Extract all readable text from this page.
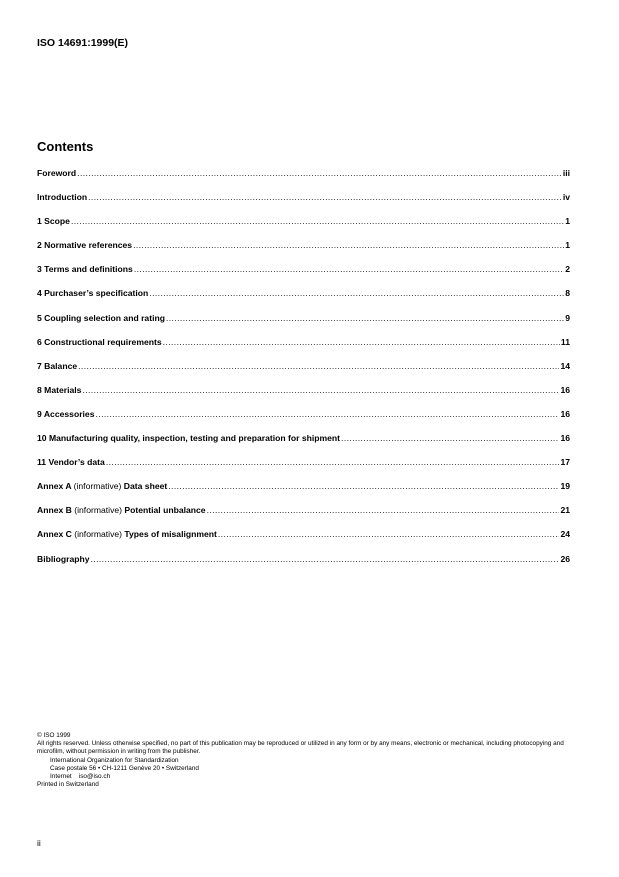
ISO 14691:1999(E)
Contents
Foreword .....	iii
Introduction .....	iv
1 Scope .....	1
2 Normative references .....	1
3 Terms and definitions .....	2
4 Purchaser’s specification .....	8
5 Coupling selection and rating .....	9
6 Constructional requirements .....	11
7 Balance .....	14
8 Materials .....	16
9 Accessories .....	16
10 Manufacturing quality, inspection, testing and preparation for shipment .....	16
11 Vendor’s data .....	17
Annex A (informative) Data sheet .....	19
Annex B (informative) Potential unbalance .....	21
Annex C (informative) Types of misalignment .....	24
Bibliography .....	26

© ISO 1999

All rights reserved. Unless otherwise specified, no part of this publication may be reproduced or utilized in any form or by any means, electronic or mechanical, including photocopying and microfilm, without permission in writing from the publisher.

International Organization for Standardization

Case postale 56 • CH-1211 Genève 20 • Switzerland

Internet iso@iso.ch

Printed in Switzerland

ii
